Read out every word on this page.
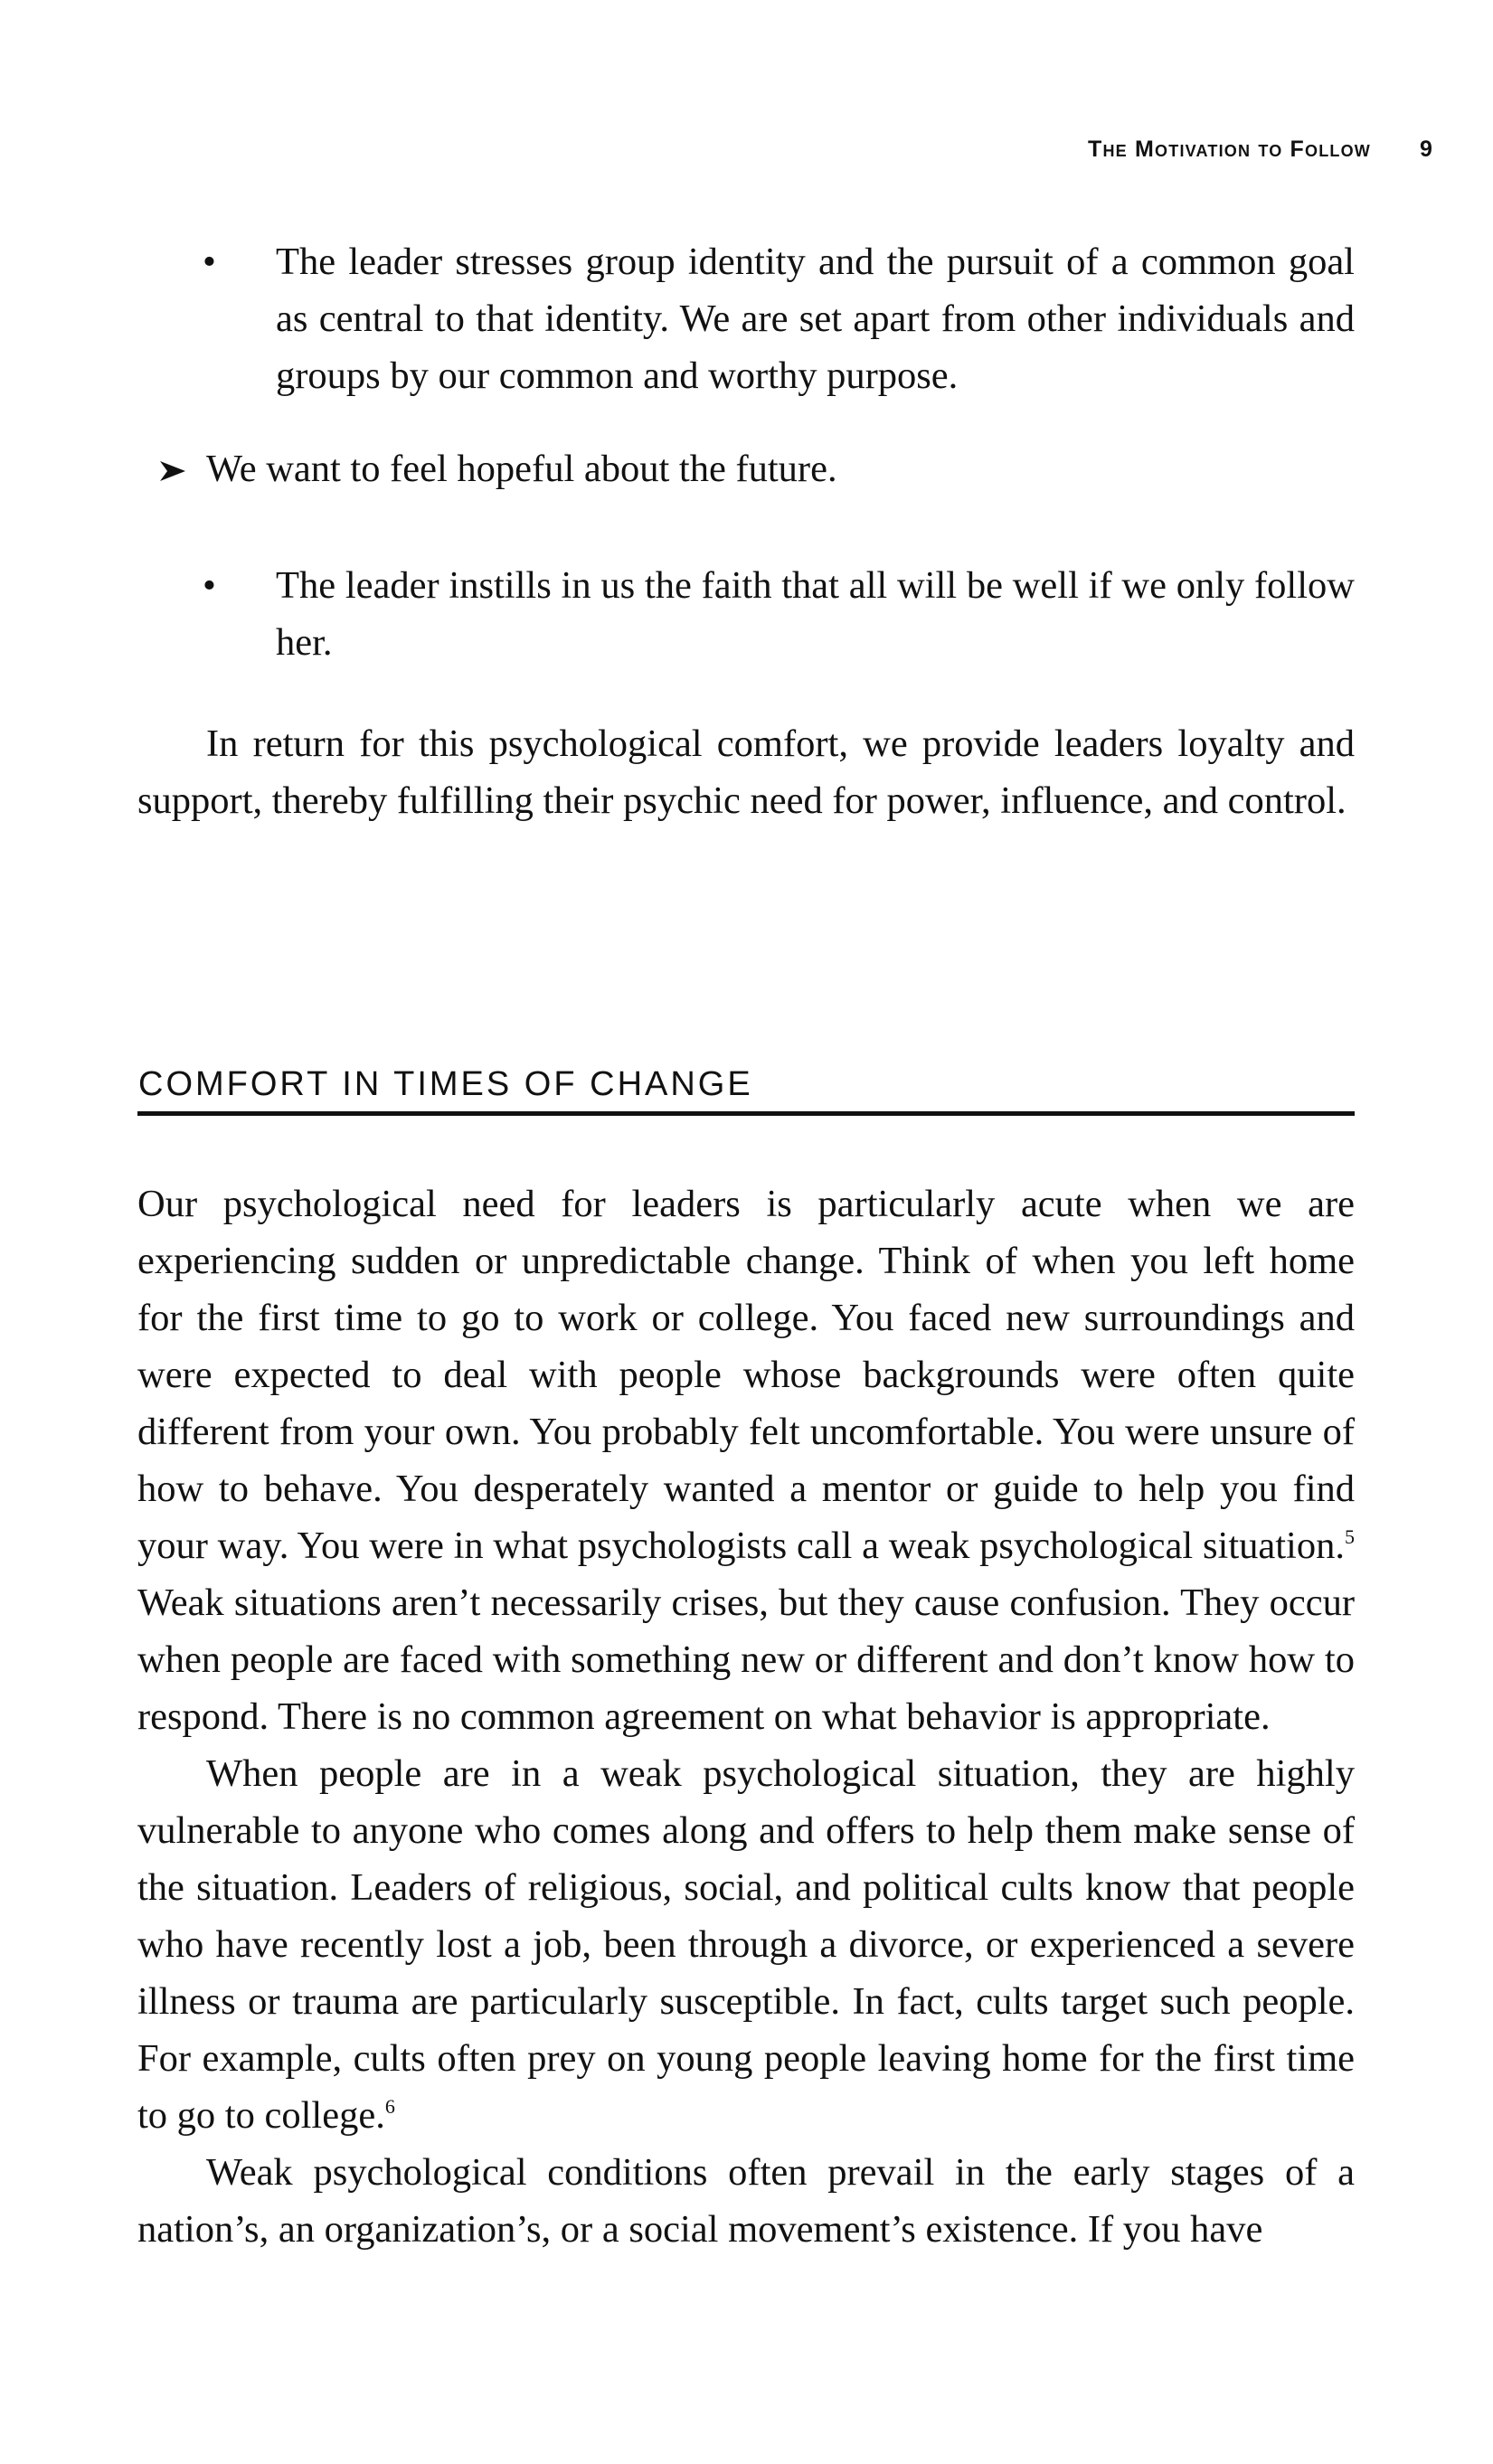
The Motivation to Follow 9
• The leader stresses group identity and the pursuit of a common goal as central to that identity. We are set apart from other individuals and groups by our common and worthy purpose.

We want to feel hopeful about the future.

• The leader instills in us the faith that all will be well if we only follow her.

In return for this psychological comfort, we provide leaders loyalty and support, thereby fulfilling their psychic need for power, influence, and control.

COMFORT IN TIMES OF CHANGE

Our psychological need for leaders is particularly acute when we are experiencing sudden or unpredictable change. Think of when you left home for the first time to go to work or college. You faced new surroundings and were expected to deal with people whose backgrounds were often quite different from your own. You probably felt uncomfortable. You were unsure of how to behave. You desperately wanted a mentor or guide to help you find your way. You were in what psychologists call a weak psychological situation.$^5$ Weak situations aren’t necessarily crises, but they cause confusion. They occur when people are faced with something new or different and don’t know how to respond. There is no common agreement on what behavior is appropriate.

When people are in a weak psychological situation, they are highly vulnerable to anyone who comes along and offers to help them make sense of the situation. Leaders of religious, social, and political cults know that people who have recently lost a job, been through a divorce, or experienced a severe illness or trauma are particularly susceptible. In fact, cults target such people. For example, cults often prey on young people leaving home for the first time to go to college.$^6$

Weak psychological conditions often prevail in the early stages of a nation’s, an organization’s, or a social movement’s existence. If you have
